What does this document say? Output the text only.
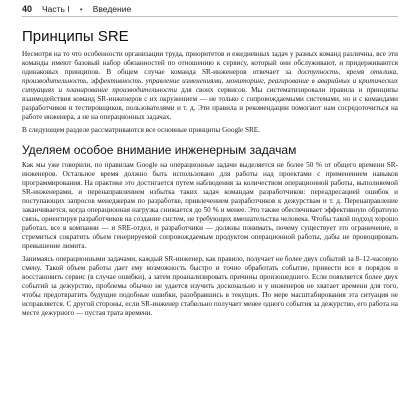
40 Часть I • Введение
Принципы SRE

Несмотря на то что особенности организации труда, приоритетов и ежедневных задач у разных команд различны, все эти команды имеют базовый набор обязанностей по отношению к сервису, который они обслуживают, и придерживаются одинаковых принципов. В общем случае команда SR-инженеров отвечает за доступность, время отклика, производительность, эффективность, управление изменениями, мониторинг, реагирование в аварийных и критических ситуациях и планирование производительности для своих сервисов. Мы систематизировали правила и принципы взаимодействия команд SR-инженеров с их окружением — не только с сопровождаемыми системами, но и с командами разработчиков и тестировщиков, пользователями и т. д. Эти правила и рекомендации помогают нам сосредоточиться на работе инженера, а не на операционных задачах.

В следующем разделе рассматриваются все основные принципы Google SRE.

Уделяем особое внимание инженерным задачам

Как мы уже говорили, по правилам Google на операционные задачи выделяется не более 50 % от общего времени SR-инженеров. Остальное время должно быть использовано для работы над проектами с применением навыков программирования. На практике это достигается путем наблюдения за количеством операционной работы, выполняемой SR-инженерами, и перенаправлением избытка таких задач командам разработчиков: переадресацией ошибок и поступающих запросов менеджерам по разработке, привлечением разработчиков к дежурствам и т. д. Перенаправление заканчивается, когда операционная нагрузка снижается до 50 % и менее. Это также обеспечивает эффективную обратную связь, ориентируя разработчиков на создание систем, не требующих вмешательства человека. Чтобы такой подход хорошо работал, все в компании — и SRE-отдел, и разработчики — должны понимать, почему существует это ограничение, и стремиться сократить объем генерируемой сопровождаемым продуктом операционной работы, дабы не провоцировать превышение лимита.

Занимаясь операционными задачами, каждый SR-инженер, как правило, получает не более двух событий за 8–12-часовую смену. Такой объем работы дает ему возможность быстро и точно обработать событие, привести все в порядок и восстановить сервис (в случае ошибки), а затем проанализировать причины произошедшего. Если появляется более двух событий за дежурство, проблемы обычно не удается изучить досконально и у инженеров не хватает времени для того, чтобы предотвратить будущие подобные ошибки, разобравшись в текущих. По мере масштабирования эта ситуация не исправляется. С другой стороны, если SR-инженер стабильно получает менее одного события за дежурство, его работа на месте дежурного — пустая трата времени.
